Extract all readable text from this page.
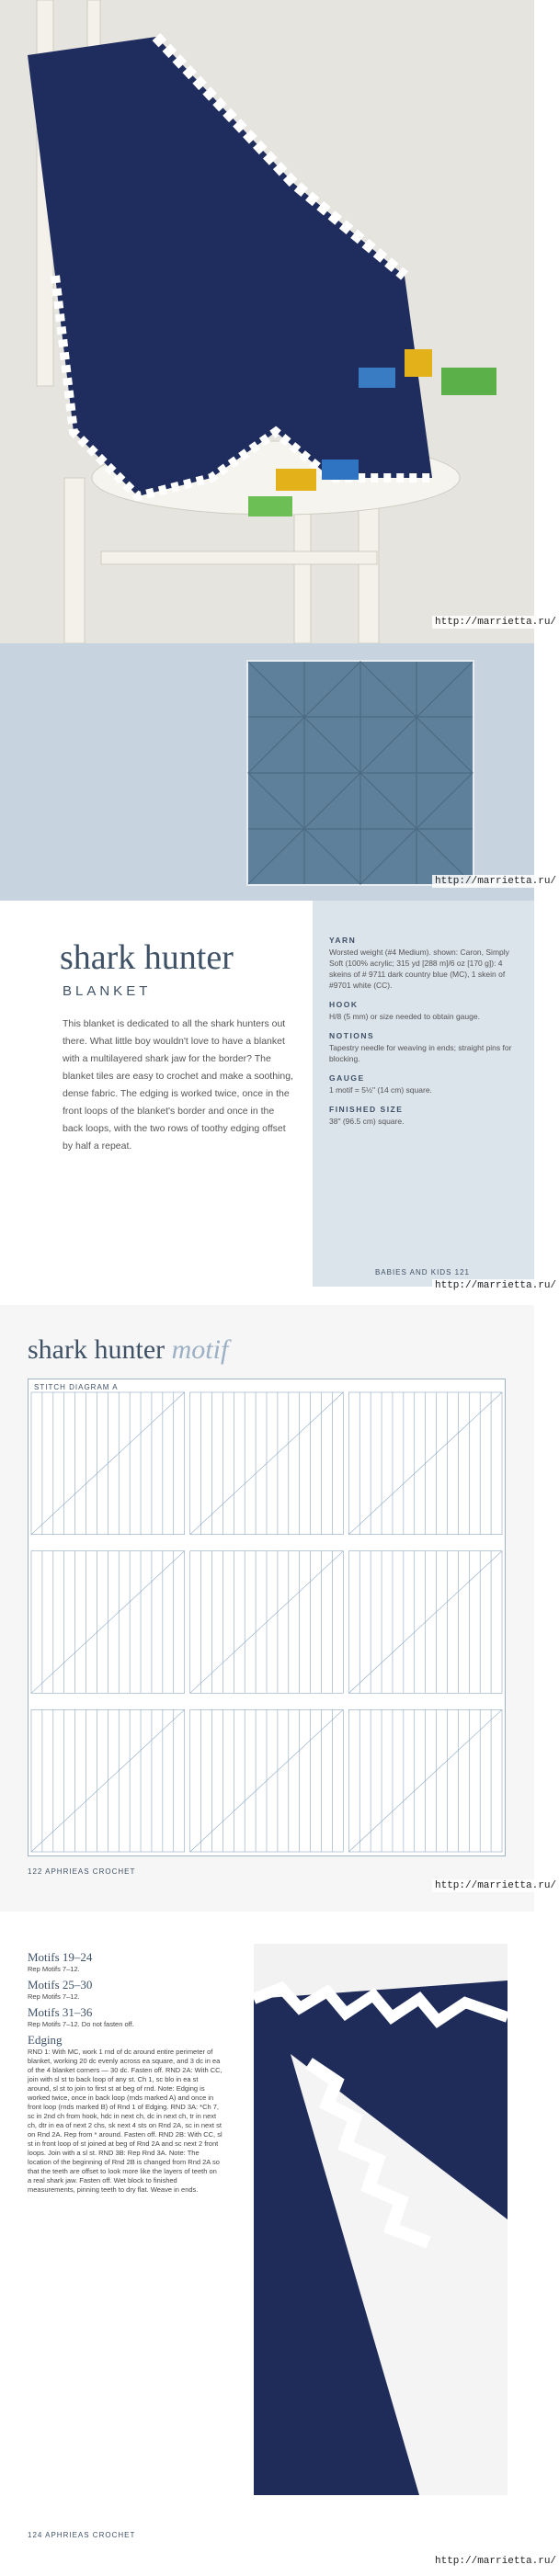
http://marrietta.ru/
http://marrietta.ru/
shark hunter
BLANKET
This blanket is dedicated to all the shark hunters out there. What little boy wouldn't love to have a blanket with a multilayered shark jaw for the border? The blanket tiles are easy to crochet and make a soothing, dense fabric. The edging is worked twice, once in the front loops of the blanket's border and once in the back loops, with the two rows of toothy edging offset by half a repeat.
YARN
Worsted weight (#4 Medium). shown: Caron, Simply Soft (100% acrylic; 315 yd [288 m]/6 oz [170 g]): 4 skeins of # 9711 dark country blue (MC), 1 skein of #9701 white (CC).
HOOK
H/8 (5 mm) or size needed to obtain gauge.
NOTIONS
Tapestry needle for weaving in ends; straight pins for blocking.
GAUGE
1 motif = 5½" (14 cm) square.
FINISHED SIZE
38" (96.5 cm) square.
BABIES AND KIDS 121
http://marrietta.ru/
shark hunter motif
STITCH DIAGRAM A
122 APHRIEAS CROCHET
http://marrietta.ru/
Motifs 19–24
Rep Motifs 7–12.
Motifs 25–30
Rep Motifs 7–12.
Motifs 31–36
Rep Motifs 7–12. Do not fasten off.
Edging
RND 1: With MC, work 1 rnd of dc around entire perimeter of blanket, working 20 dc evenly across ea square, and 3 dc in ea of the 4 blanket corners — 30 dc. Fasten off. RND 2A: With CC, join with sl st to back loop of any st. Ch 1, sc blo in ea st around, sl st to join to first st at beg of rnd. Note: Edging is worked twice, once in back loop (rnds marked A) and once in front loop (rnds marked B) of Rnd 1 of Edging. RND 3A: *Ch 7, sc in 2nd ch from hook, hdc in next ch, dc in next ch, tr in next ch, dtr in ea of next 2 chs, sk next 4 sts on Rnd 2A, sc in next st on Rnd 2A. Rep from * around. Fasten off. RND 2B: With CC, sl st in front loop of st joined at beg of Rnd 2A and sc next 2 front loops. Join with a sl st. RND 3B: Rep Rnd 3A. Note: The location of the beginning of Rnd 2B is changed from Rnd 2A so that the teeth are offset to look more like the layers of teeth on a real shark jaw. Fasten off. Wet block to finished measurements, pinning teeth to dry flat. Weave in ends.
124 APHRIEAS CROCHET
http://marrietta.ru/
